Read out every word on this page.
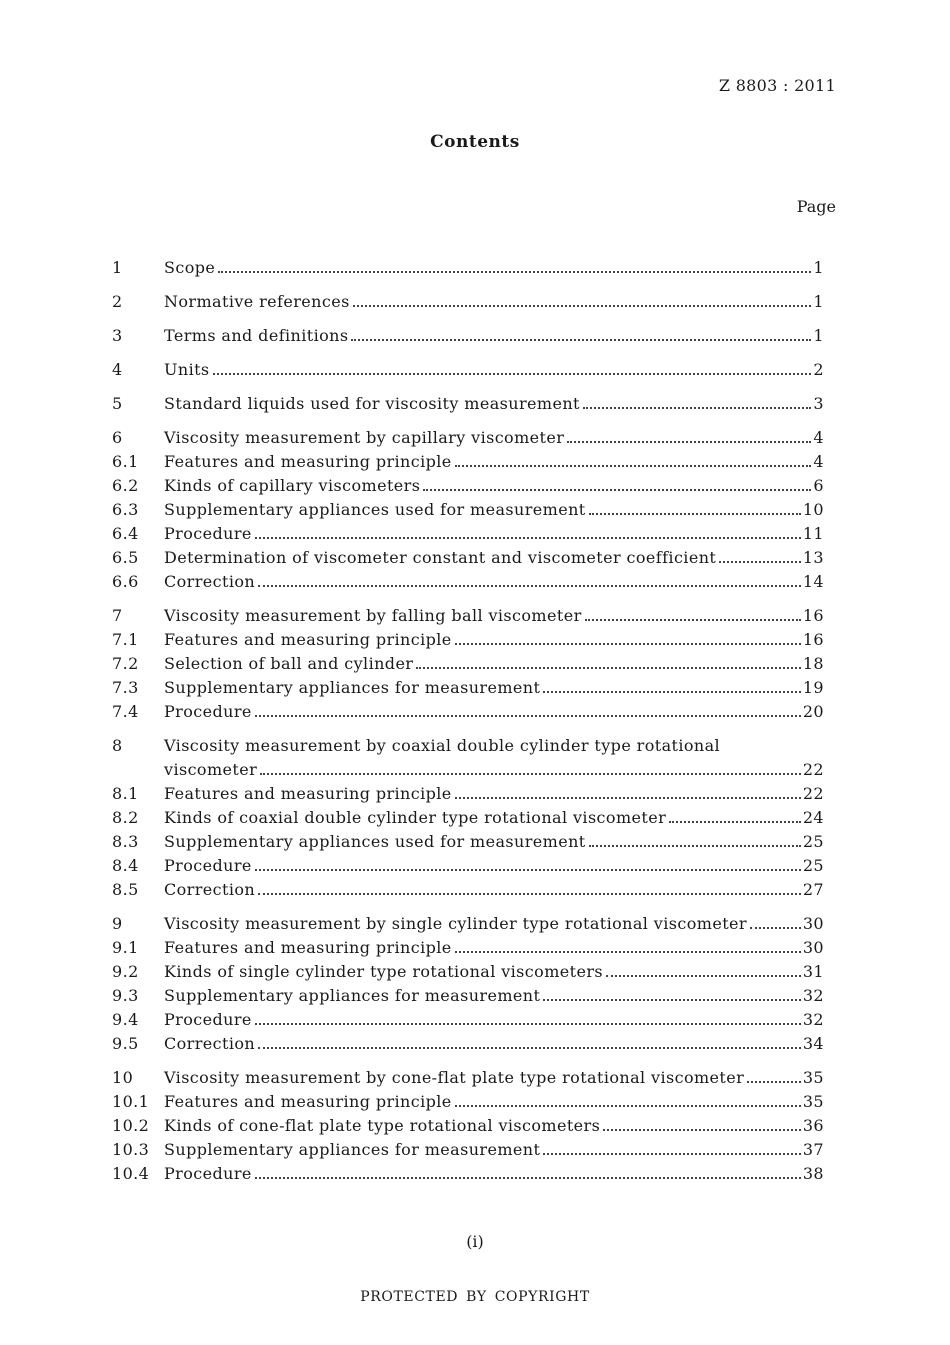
Z 8803 : 2011
Contents
Page
1	Scope	1
2	Normative references	1
3	Terms and definitions	1
4	Units	2
5	Standard liquids used for viscosity measurement	3
6	Viscosity measurement by capillary viscometer	4
6.1	Features and measuring principle	4
6.2	Kinds of capillary viscometers	6
6.3	Supplementary appliances used for measurement	10
6.4	Procedure	11
6.5	Determination of viscometer constant and viscometer coefficient	13
6.6	Correction	14
7	Viscosity measurement by falling ball viscometer	16
7.1	Features and measuring principle	16
7.2	Selection of ball and cylinder	18
7.3	Supplementary appliances for measurement	19
7.4	Procedure	20
8	Viscosity measurement by coaxial double cylinder type rotational
viscometer	22
8.1	Features and measuring principle	22
8.2	Kinds of coaxial double cylinder type rotational viscometer	24
8.3	Supplementary appliances used for measurement	25
8.4	Procedure	25
8.5	Correction	27
9	Viscosity measurement by single cylinder type rotational viscometer	30
9.1	Features and measuring principle	30
9.2	Kinds of single cylinder type rotational viscometers	31
9.3	Supplementary appliances for measurement	32
9.4	Procedure	32
9.5	Correction	34
10	Viscosity measurement by cone-flat plate type rotational viscometer	35
10.1 Features and measuring principle	35
10.2 Kinds of cone-flat plate type rotational viscometers	36
10.3 Supplementary appliances for measurement	37
10.4 Procedure	38
(i)
PROTECTED BY COPYRIGHT
